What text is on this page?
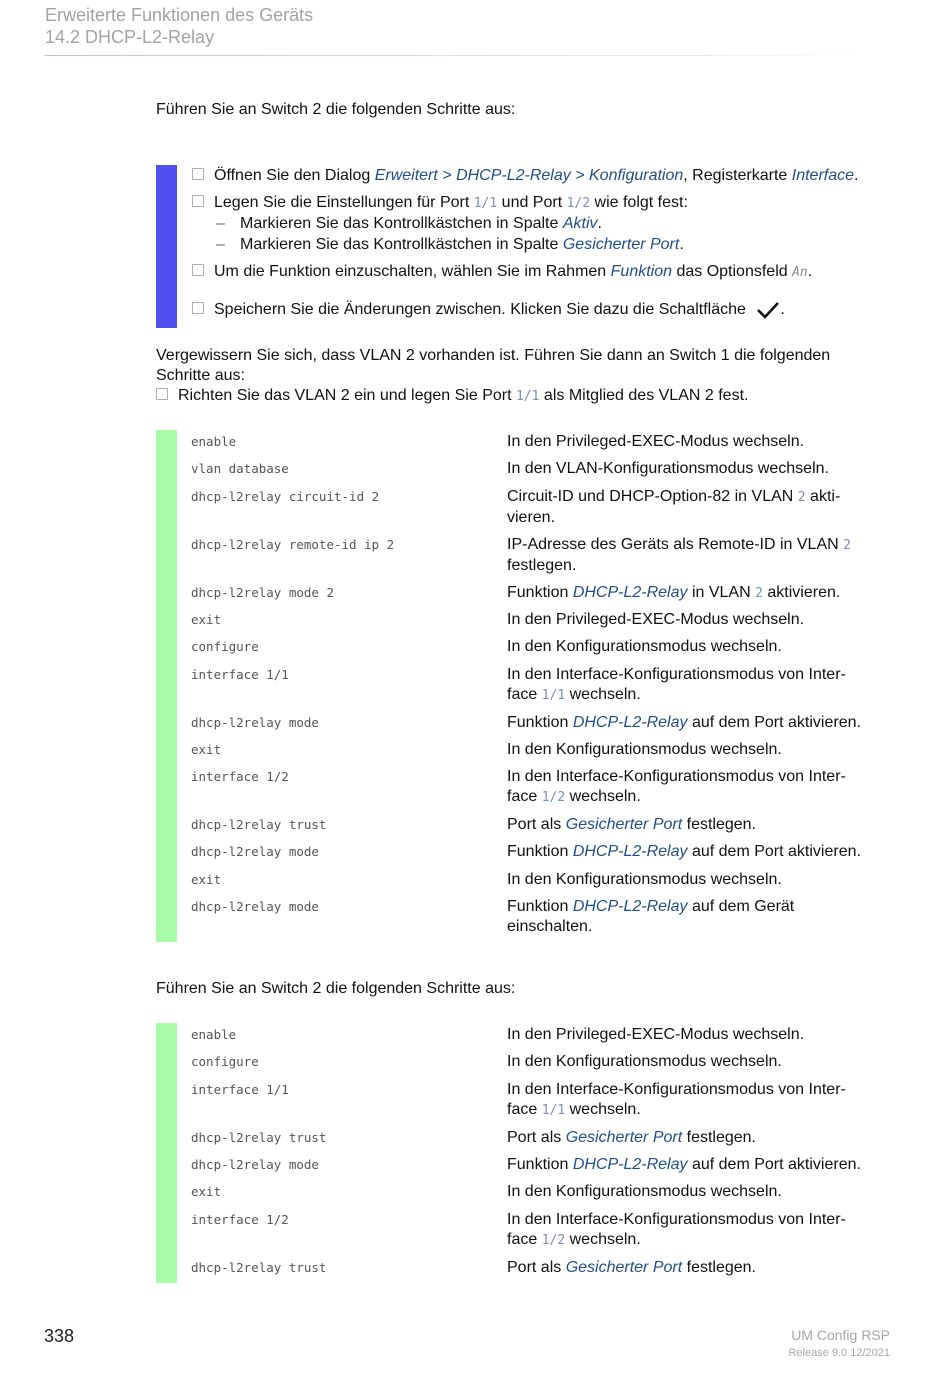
Erweiterte Funktionen des Geräts
14.2 DHCP-L2-Relay

Führen Sie an Switch 2 die folgenden Schritte aus:

Öffnen Sie den Dialog Erweitert > DHCP-L2-Relay > Konfiguration, Registerkarte Interface.
Legen Sie die Einstellungen für Port 1/1 und Port 1/2 wie folgt fest:
– Markieren Sie das Kontrollkästchen in Spalte Aktiv.
– Markieren Sie das Kontrollkästchen in Spalte Gesicherter Port.
Um die Funktion einzuschalten, wählen Sie im Rahmen Funktion das Optionsfeld An.
Speichern Sie die Änderungen zwischen. Klicken Sie dazu die Schaltfläche .

Vergewissern Sie sich, dass VLAN 2 vorhanden ist. Führen Sie dann an Switch 1 die folgenden Schritte aus:

Richten Sie das VLAN 2 ein und legen Sie Port 1/1 als Mitglied des VLAN 2 fest.
enable	In den Privileged-EXEC-Modus wechseln.
vlan database	In den VLAN-Konfigurationsmodus wechseln.
dhcp-l2relay circuit-id 2	Circuit-ID und DHCP-Option-82 in VLAN 2 akti-
vieren.
dhcp-l2relay remote-id ip 2	IP-Adresse des Geräts als Remote-ID in VLAN 2
festlegen.
dhcp-l2relay mode 2	Funktion DHCP-L2-Relay in VLAN 2 aktivieren.
exit	In den Privileged-EXEC-Modus wechseln.
configure	In den Konfigurationsmodus wechseln.
interface 1/1	In den Interface-Konfigurationsmodus von Inter-
face 1/1 wechseln.
dhcp-l2relay mode	Funktion DHCP-L2-Relay auf dem Port aktivieren.
exit	In den Konfigurationsmodus wechseln.
interface 1/2	In den Interface-Konfigurationsmodus von Inter-
face 1/2 wechseln.
dhcp-l2relay trust	Port als Gesicherter Port festlegen.
dhcp-l2relay mode	Funktion DHCP-L2-Relay auf dem Port aktivieren.
exit	In den Konfigurationsmodus wechseln.
dhcp-l2relay mode	Funktion DHCP-L2-Relay auf dem Gerät
einschalten.

Führen Sie an Switch 2 die folgenden Schritte aus:

enable	In den Privileged-EXEC-Modus wechseln.
configure	In den Konfigurationsmodus wechseln.
interface 1/1	In den Interface-Konfigurationsmodus von Inter-
face 1/1 wechseln.
dhcp-l2relay trust	Port als Gesicherter Port festlegen.
dhcp-l2relay mode	Funktion DHCP-L2-Relay auf dem Port aktivieren.
exit	In den Konfigurationsmodus wechseln.
interface 1/2	In den Interface-Konfigurationsmodus von Inter-
face 1/2 wechseln.
dhcp-l2relay trust	Port als Gesicherter Port festlegen.
338	UM Config RSP
Release 9.0 12/2021
